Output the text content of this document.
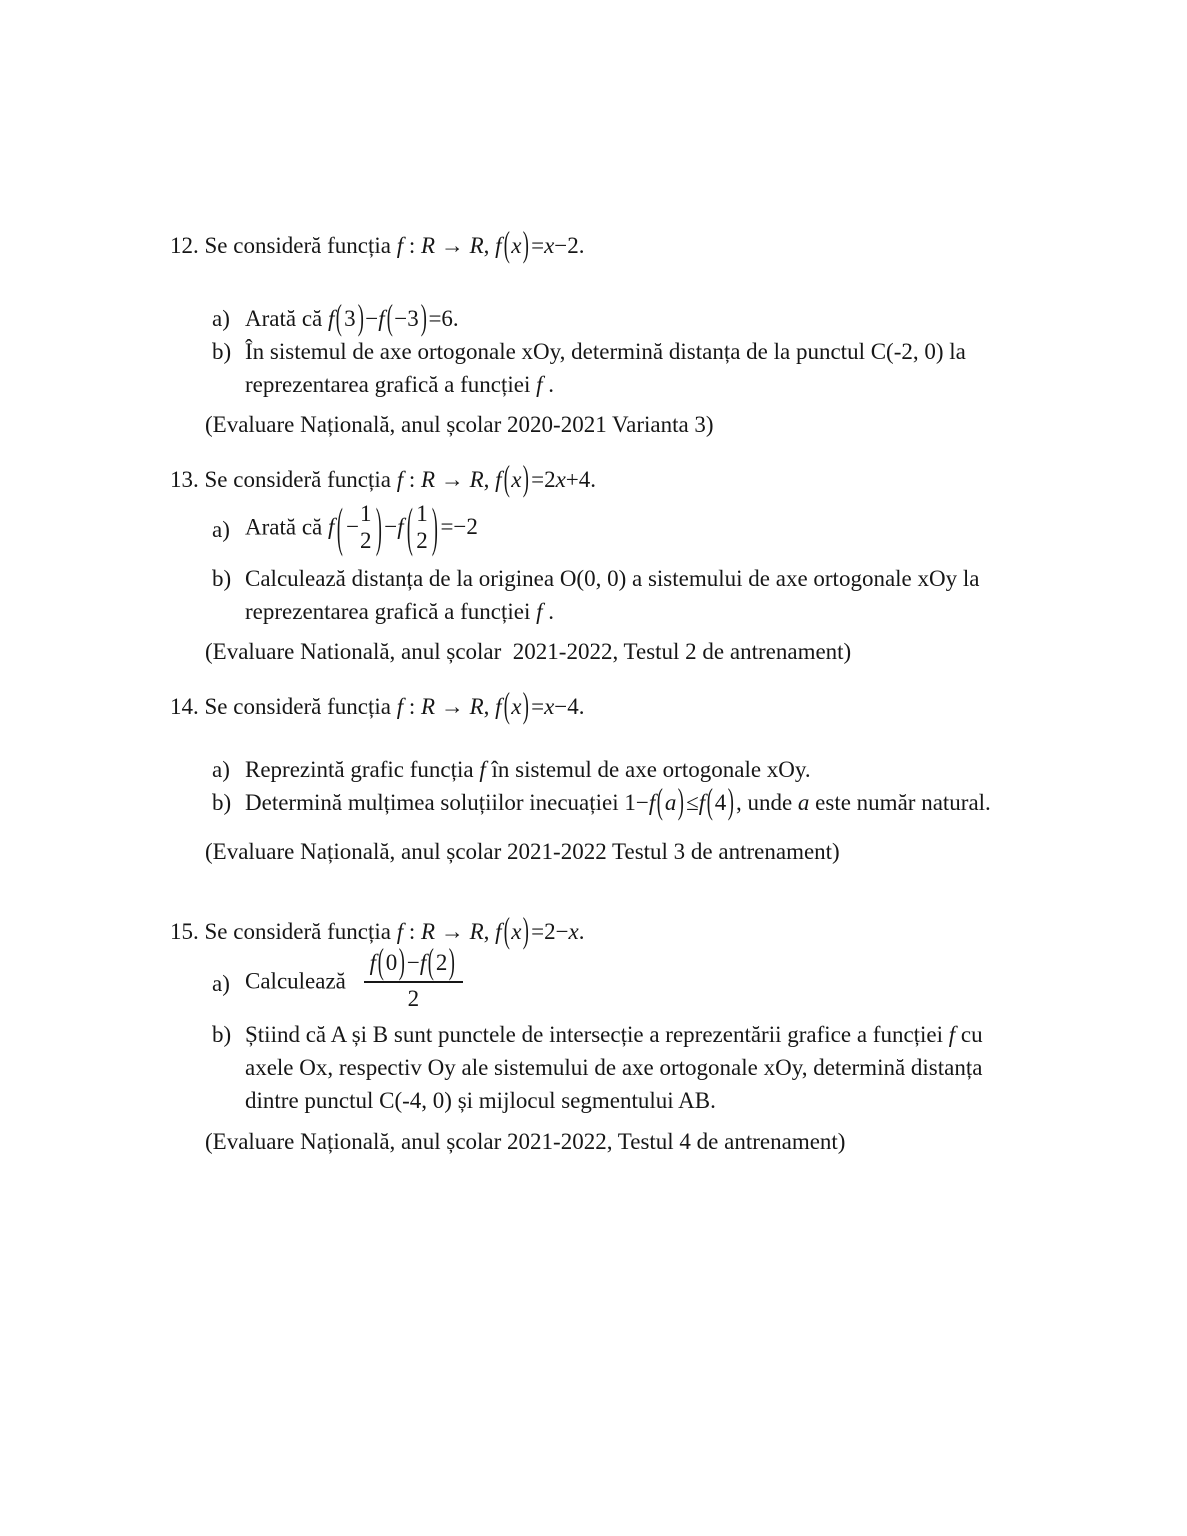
12. Se consideră funcția f : R → R, f(x)=x−2.
a) Arată că f(3)−f(−3)=6.
b) În sistemul de axe ortogonale xOy, determină distanța de la punctul C(-2, 0) la
reprezentarea grafică a funcției f .
(Evaluare Națională, anul școlar 2020-2021 Varianta 3)
13. Se consideră funcția f : R → R, f(x)=2x+4.
a) Arată că f ( −
1
2 ) −f ( 1
2 ) =−2
b) Calculează distanța de la originea O(0, 0) a sistemului de axe ortogonale xOy la
reprezentarea grafică a funcției f .
(Evaluare Natională, anul școlar  2021-2022, Testul 2 de antrenament)
14. Se consideră funcția f : R → R, f(x)=x−4.
a) Reprezintă grafic funcția f în sistemul de axe ortogonale xOy.
b) Determină mulțimea soluțiilor inecuației 1−f(a)≤f(4), unde a este număr natural.
(Evaluare Națională, anul școlar 2021-2022 Testul 3 de antrenament)
15. Se consideră funcția f : R → R, f(x)=2−x.
a) Calculează $\frac{f(0)-f(2)}{2}$
b) Știind că A și B sunt punctele de intersecție a reprezentării grafice a funcției f cu
axele Ox, respectiv Oy ale sistemului de axe ortogonale xOy, determină distanța
dintre punctul C(-4, 0) și mijlocul segmentului AB.
(Evaluare Națională, anul școlar 2021-2022, Testul 4 de antrenament)
